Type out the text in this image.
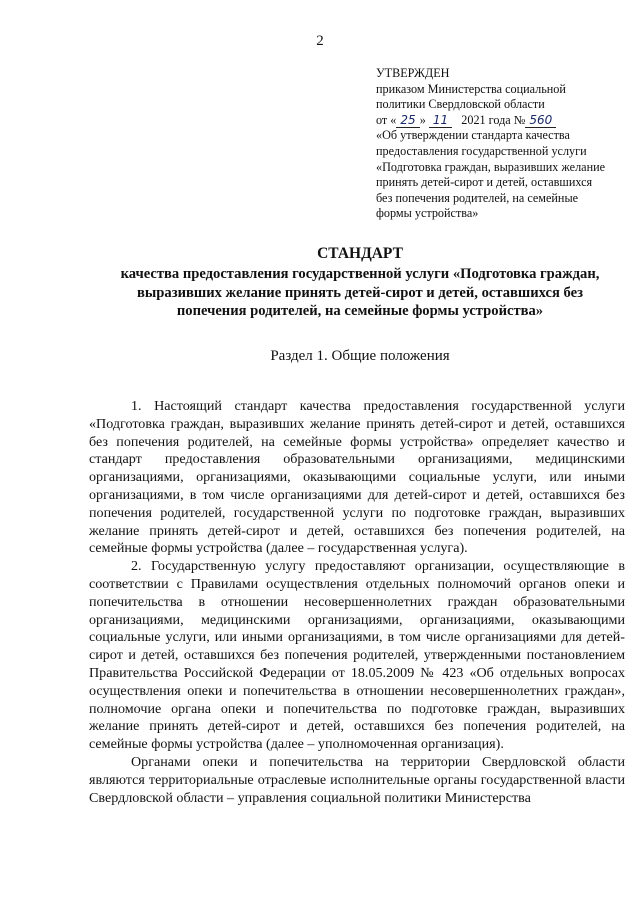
2
УТВЕРЖДЕН
приказом Министерства социальной
политики Свердловской области
от « 25 » 11 2021 года № 560
«Об утверждении стандарта качества
предоставления государственной услуги
«Подготовка граждан, выразивших желание
принять детей-сирот и детей, оставшихся
без попечения родителей, на семейные
формы устройства»
СТАНДАРТ
качества предоставления государственной услуги «Подготовка граждан,
выразивших желание принять детей-сирот и детей, оставшихся без
попечения родителей, на семейные формы устройства»
Раздел 1. Общие положения

1. Настоящий стандарт качества предоставления государственной услуги «Подготовка граждан, выразивших желание принять детей-сирот и детей, оставшихся без попечения родителей, на семейные формы устройства» определяет качество и стандарт предоставления образовательными организациями, медицинскими организациями, организациями, оказывающими социальные услуги, или иными организациями, в том числе организациями для детей-сирот и детей, оставшихся без попечения родителей, государственной услуги по подготовке граждан, выразивших желание принять детей-сирот и детей, оставшихся без попечения родителей, на семейные формы устройства (далее – государственная услуга).

2. Государственную услугу предоставляют организации, осуществляющие в соответствии с Правилами осуществления отдельных полномочий органов опеки и попечительства в отношении несовершеннолетних граждан образовательными организациями, медицинскими организациями, организациями, оказывающими социальные услуги, или иными организациями, в том числе организациями для детей-сирот и детей, оставшихся без попечения родителей, утвержденными постановлением Правительства Российской Федерации от 18.05.2009 № 423 «Об отдельных вопросах осуществления опеки и попечительства в отношении несовершеннолетних граждан», полномочие органа опеки и попечительства по подготовке граждан, выразивших желание принять детей-сирот и детей, оставшихся без попечения родителей, на семейные формы устройства (далее – уполномоченная организация).

Органами опеки и попечительства на территории Свердловской области являются территориальные отраслевые исполнительные органы государственной власти Свердловской области – управления социальной политики Министерства
